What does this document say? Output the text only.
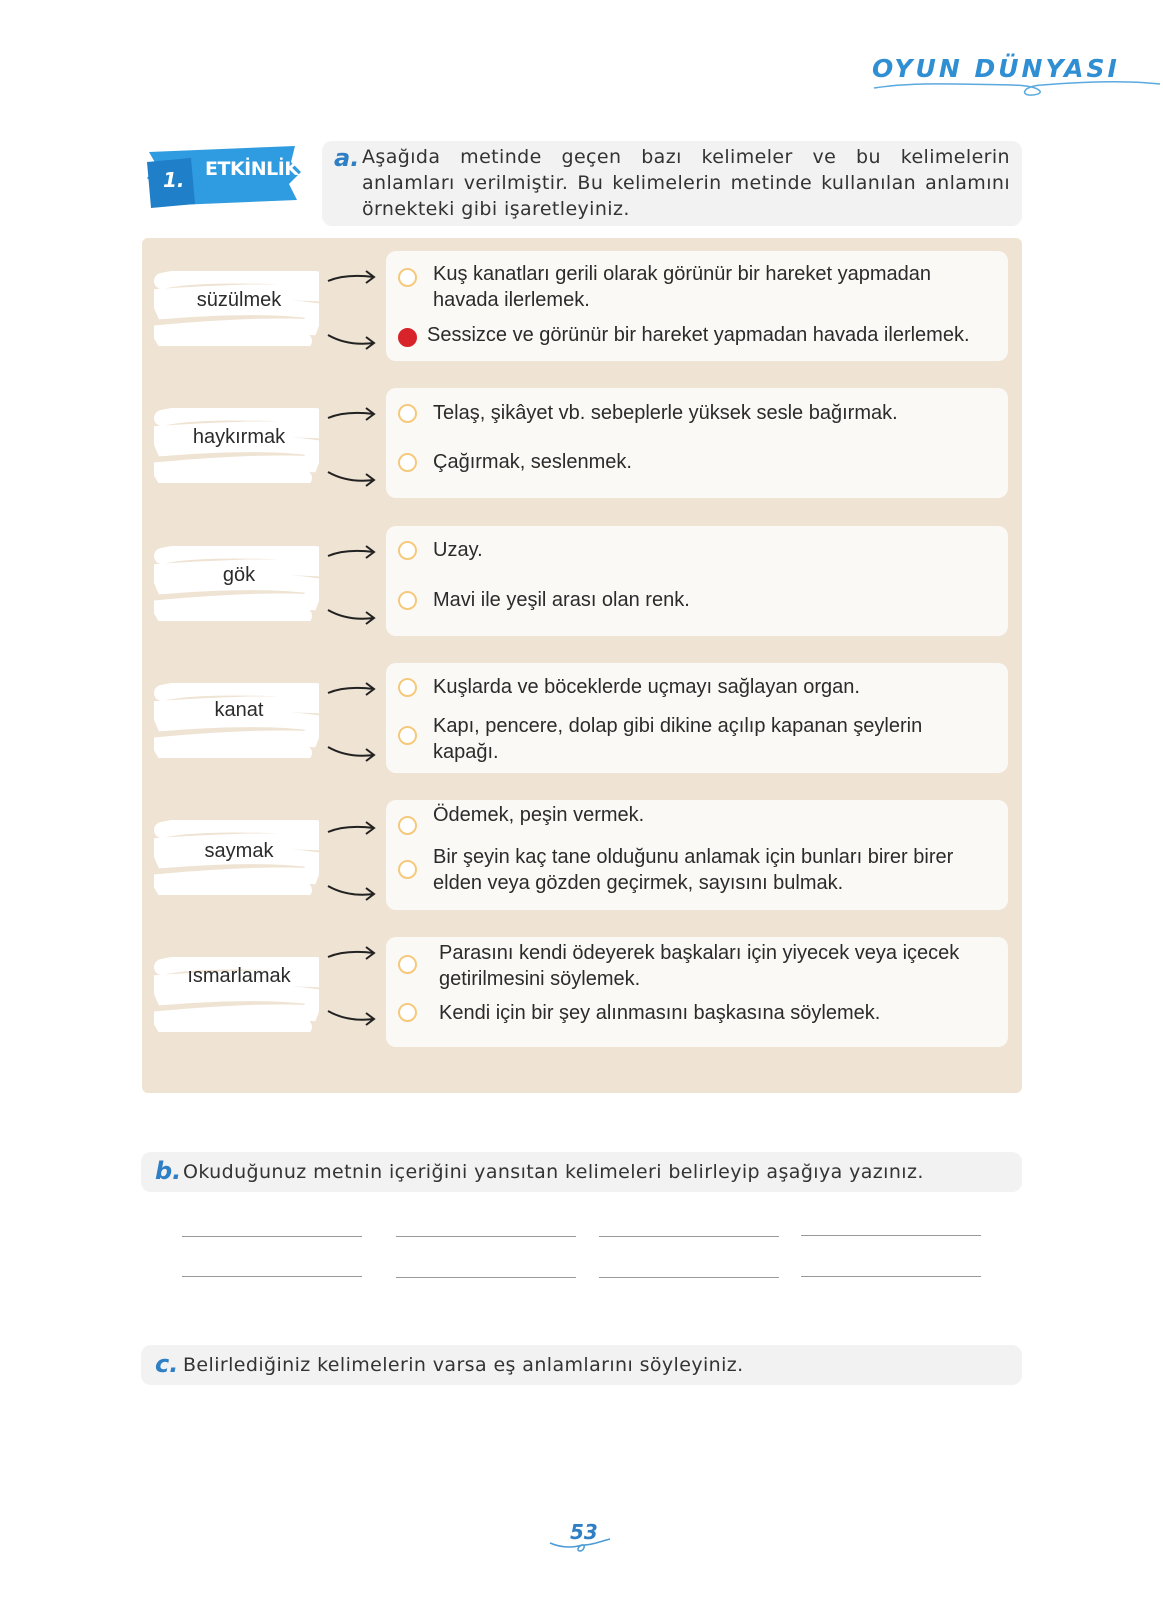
OYUN DÜNYASI
1. ETKİNLİK a. Aşağıda metinde geçen bazı kelimeler ve bu kelimelerin anlamları verilmiştir. Bu kelimelerin metinde kullanılan anlamını örnekteki gibi işaretleyiniz.
süzülmek
Kuş kanatları gerili olarak görünür bir hareket yapmadan havada ilerlemek.
Sessizce ve görünür bir hareket yapmadan havada ilerlemek.
haykırmak
Telaş, şikâyet vb. sebeplerle yüksek sesle bağırmak.
Çağırmak, seslenmek.
gök
Uzay.
Mavi ile yeşil arası olan renk.
kanat
Kuşlarda ve böceklerde uçmayı sağlayan organ.
Kapı, pencere, dolap gibi dikine açılıp kapanan şeylerin kapağı.
saymak
Ödemek, peşin vermek.
Bir şeyin kaç tane olduğunu anlamak için bunları birer birer elden veya gözden geçirmek, sayısını bulmak.
ısmarlamak
Parasını kendi ödeyerek başkaları için yiyecek veya içecek getirilmesini söylemek.
Kendi için bir şey alınmasını başkasına söylemek.
b. Okuduğunuz metnin içeriğini yansıtan kelimeleri belirleyip aşağıya yazınız.
c. Belirlediğiniz kelimelerin varsa eş anlamlarını söyleyiniz.
53
